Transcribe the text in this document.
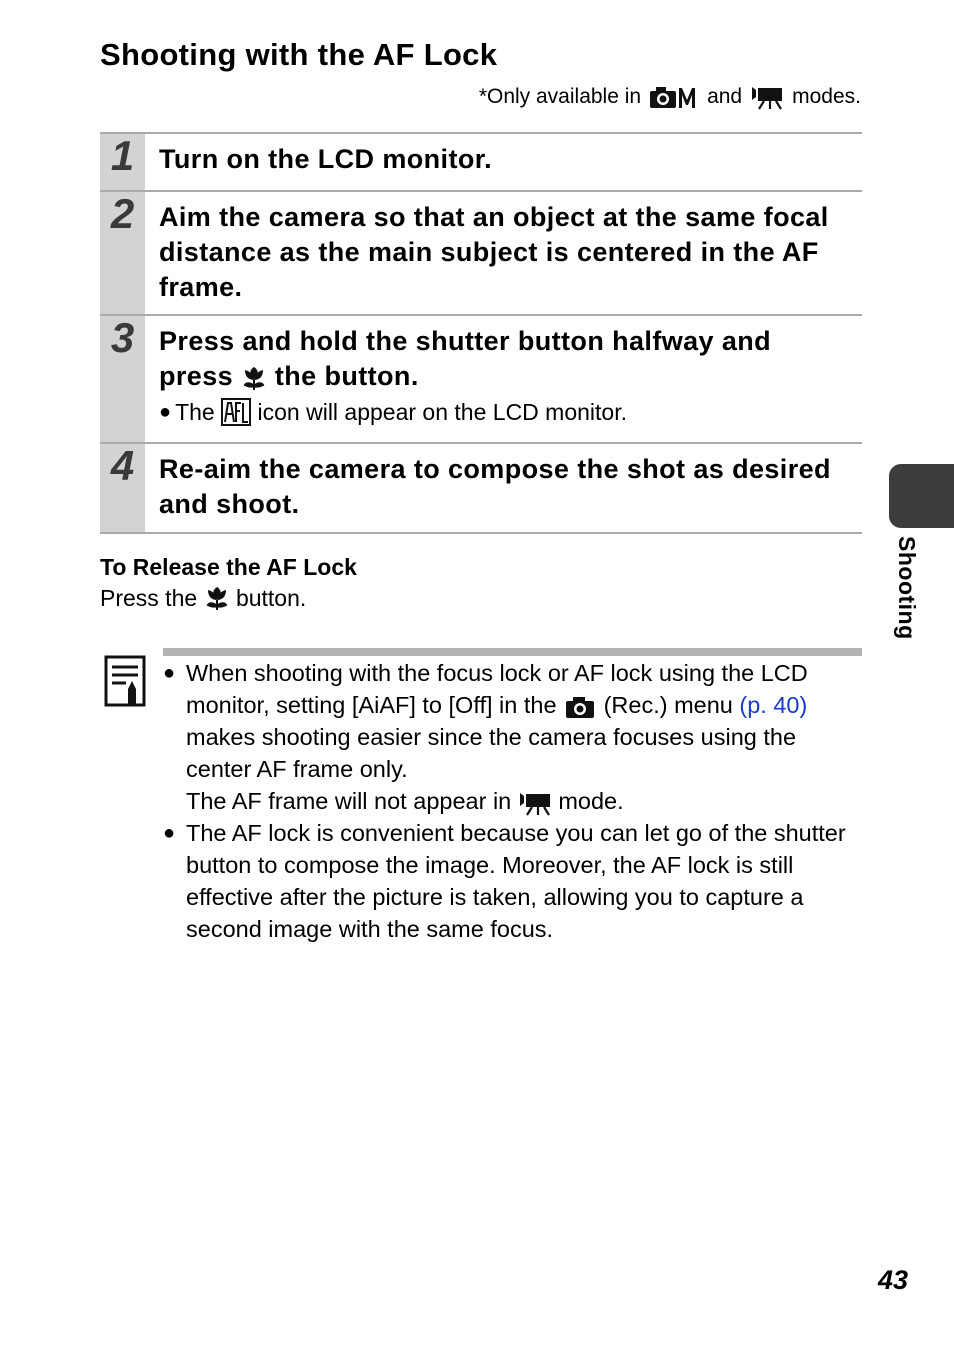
Shooting with the AF Lock
*Only available in	and modes.
1 Turn on the LCD monitor.
2 Aim the camera so that an object at the same focal distance as the main subject is centered in the AF frame.
3 Press and hold the shutter button halfway and press the button.
● The

icon will appear on the LCD monitor.
4 Re-aim the camera to compose the shot as desired and shoot.
To Release the AF Lock
Press the

button.
● When shooting with the focus lock or AF lock using the LCD monitor, setting [AiAF] to [Off] in the (Rec.) menu (p. 40) makes shooting easier since the camera focuses using the center AF frame only.
The AF frame will not appear in mode.
● The AF lock is convenient because you can let go of the shutter button to compose the image. Moreover, the AF lock is still effective after the picture is taken, allowing you to capture a second image with the same focus.
Shooting
43
